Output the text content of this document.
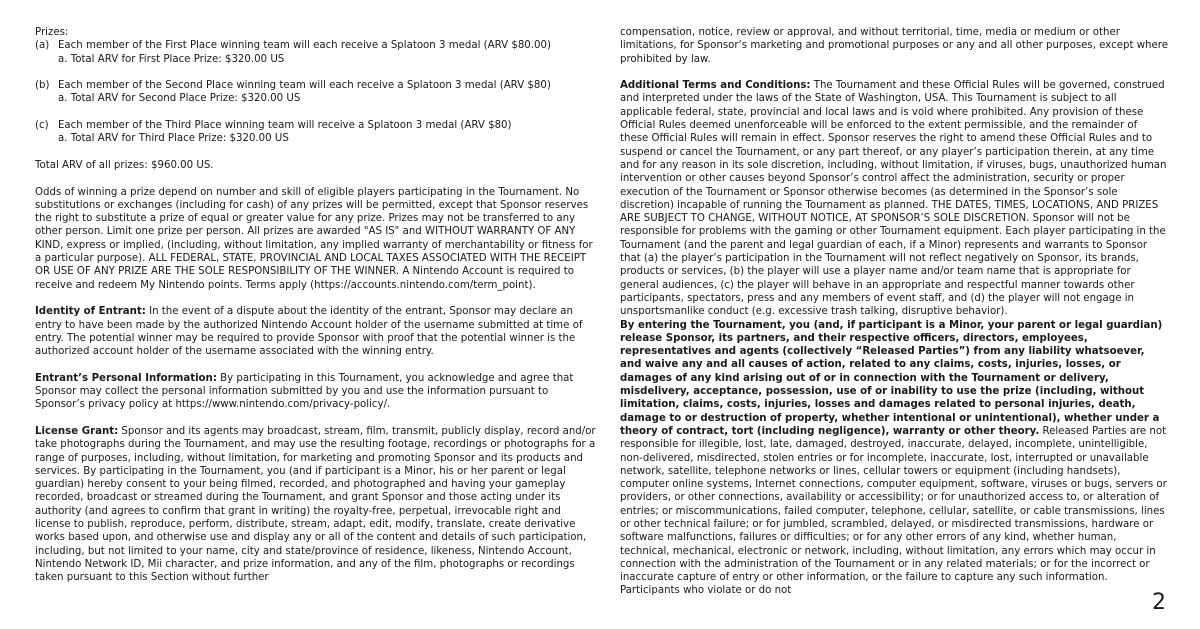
Prizes:
(a) Each member of the First Place winning team will each receive a Splatoon 3 medal (ARV $80.00)
a. Total ARV for First Place Prize: $320.00 US
(b) Each member of the Second Place winning team will each receive a Splatoon 3 medal (ARV $80)
a. Total ARV for Second Place Prize: $320.00 US
(c) Each member of the Third Place winning team will receive a Splatoon 3 medal (ARV $80)
a. Total ARV for Third Place Prize: $320.00 US

Total ARV of all prizes: $960.00 US.

Odds of winning a prize depend on number and skill of eligible players participating in the Tournament. No substitutions or exchanges (including for cash) of any prizes will be permitted, except that Sponsor reserves the right to substitute a prize of equal or greater value for any prize. Prizes may not be transferred to any other person. Limit one prize per person. All prizes are awarded "AS IS" and WITHOUT WARRANTY OF ANY KIND, express or implied, (including, without limitation, any implied warranty of merchantability or fitness for a particular purpose). ALL FEDERAL, STATE, PROVINCIAL AND LOCAL TAXES ASSOCIATED WITH THE RECEIPT OR USE OF ANY PRIZE ARE THE SOLE RESPONSIBILITY OF THE WINNER. A Nintendo Account is required to receive and redeem My Nintendo points. Terms apply (https://accounts.nintendo.com/term_point).

Identity of Entrant: In the event of a dispute about the identity of the entrant, Sponsor may declare an entry to have been made by the authorized Nintendo Account holder of the username submitted at time of entry. The potential winner may be required to provide Sponsor with proof that the potential winner is the authorized account holder of the username associated with the winning entry.

Entrant’s Personal Information: By participating in this Tournament, you acknowledge and agree that Sponsor may collect the personal information submitted by you and use the information pursuant to Sponsor’s privacy policy at https://www.nintendo.com/privacy-policy/.

License Grant: Sponsor and its agents may broadcast, stream, film, transmit, publicly display, record and/or take photographs during the Tournament, and may use the resulting footage, recordings or photographs for a range of purposes, including, without limitation, for marketing and promoting Sponsor and its products and services. By participating in the Tournament, you (and if participant is a Minor, his or her parent or legal guardian) hereby consent to your being filmed, recorded, and photographed and having your gameplay recorded, broadcast or streamed during the Tournament, and grant Sponsor and those acting under its authority (and agrees to confirm that grant in writing) the royalty-free, perpetual, irrevocable right and license to publish, reproduce, perform, distribute, stream, adapt, edit, modify, translate, create derivative works based upon, and otherwise use and display any or all of the content and details of such participation, including, but not limited to your name, city and state/province of residence, likeness, Nintendo Account, Nintendo Network ID, Mii character, and prize information, and any of the film, photographs or recordings taken pursuant to this Section without further

compensation, notice, review or approval, and without territorial, time, media or medium or other limitations, for Sponsor’s marketing and promotional purposes or any and all other purposes, except where prohibited by law.

Additional Terms and Conditions: The Tournament and these Official Rules will be governed, construed and interpreted under the laws of the State of Washington, USA. This Tournament is subject to all applicable federal, state, provincial and local laws and is void where prohibited. Any provision of these Official Rules deemed unenforceable will be enforced to the extent permissible, and the remainder of these Official Rules will remain in effect. Sponsor reserves the right to amend these Official Rules and to suspend or cancel the Tournament, or any part thereof, or any player’s participation therein, at any time and for any reason in its sole discretion, including, without limitation, if viruses, bugs, unauthorized human intervention or other causes beyond Sponsor’s control affect the administration, security or proper execution of the Tournament or Sponsor otherwise becomes (as determined in the Sponsor’s sole discretion) incapable of running the Tournament as planned. THE DATES, TIMES, LOCATIONS, AND PRIZES ARE SUBJECT TO CHANGE, WITHOUT NOTICE, AT SPONSOR’S SOLE DISCRETION. Sponsor will not be responsible for problems with the gaming or other Tournament equipment. Each player participating in the Tournament (and the parent and legal guardian of each, if a Minor) represents and warrants to Sponsor that (a) the player’s participation in the Tournament will not reflect negatively on Sponsor, its brands, products or services, (b) the player will use a player name and/or team name that is appropriate for general audiences, (c) the player will behave in an appropriate and respectful manner towards other participants, spectators, press and any members of event staff, and (d) the player will not engage in unsportsmanlike conduct (e.g. excessive trash talking, disruptive behavior).

By entering the Tournament, you (and, if participant is a Minor, your parent or legal guardian) release Sponsor, its partners, and their respective officers, directors, employees, representatives and agents (collectively “Released Parties”) from any liability whatsoever, and waive any and all causes of action, related to any claims, costs, injuries, losses, or damages of any kind arising out of or in connection with the Tournament or delivery, misdelivery, acceptance, possession, use of or inability to use the prize (including, without limitation, claims, costs, injuries, losses and damages related to personal injuries, death, damage to or destruction of property, whether intentional or unintentional), whether under a theory of contract, tort (including negligence), warranty or other theory. Released Parties are not responsible for illegible, lost, late, damaged, destroyed, inaccurate, delayed, incomplete, unintelligible, non-delivered, misdirected, stolen entries or for incomplete, inaccurate, lost, interrupted or unavailable network, satellite, telephone networks or lines, cellular towers or equipment (including handsets), computer online systems, Internet connections, computer equipment, software, viruses or bugs, servers or providers, or other connections, availability or accessibility; or for unauthorized access to, or alteration of entries; or miscommunications, failed computer, telephone, cellular, satellite, or cable transmissions, lines or other technical failure; or for jumbled, scrambled, delayed, or misdirected transmissions, hardware or software malfunctions, failures or difficulties; or for any other errors of any kind, whether human, technical, mechanical, electronic or network, including, without limitation, any errors which may occur in connection with the administration of the Tournament or in any related materials; or for the incorrect or inaccurate capture of entry or other information, or the failure to capture any such information. Participants who violate or do not	2
